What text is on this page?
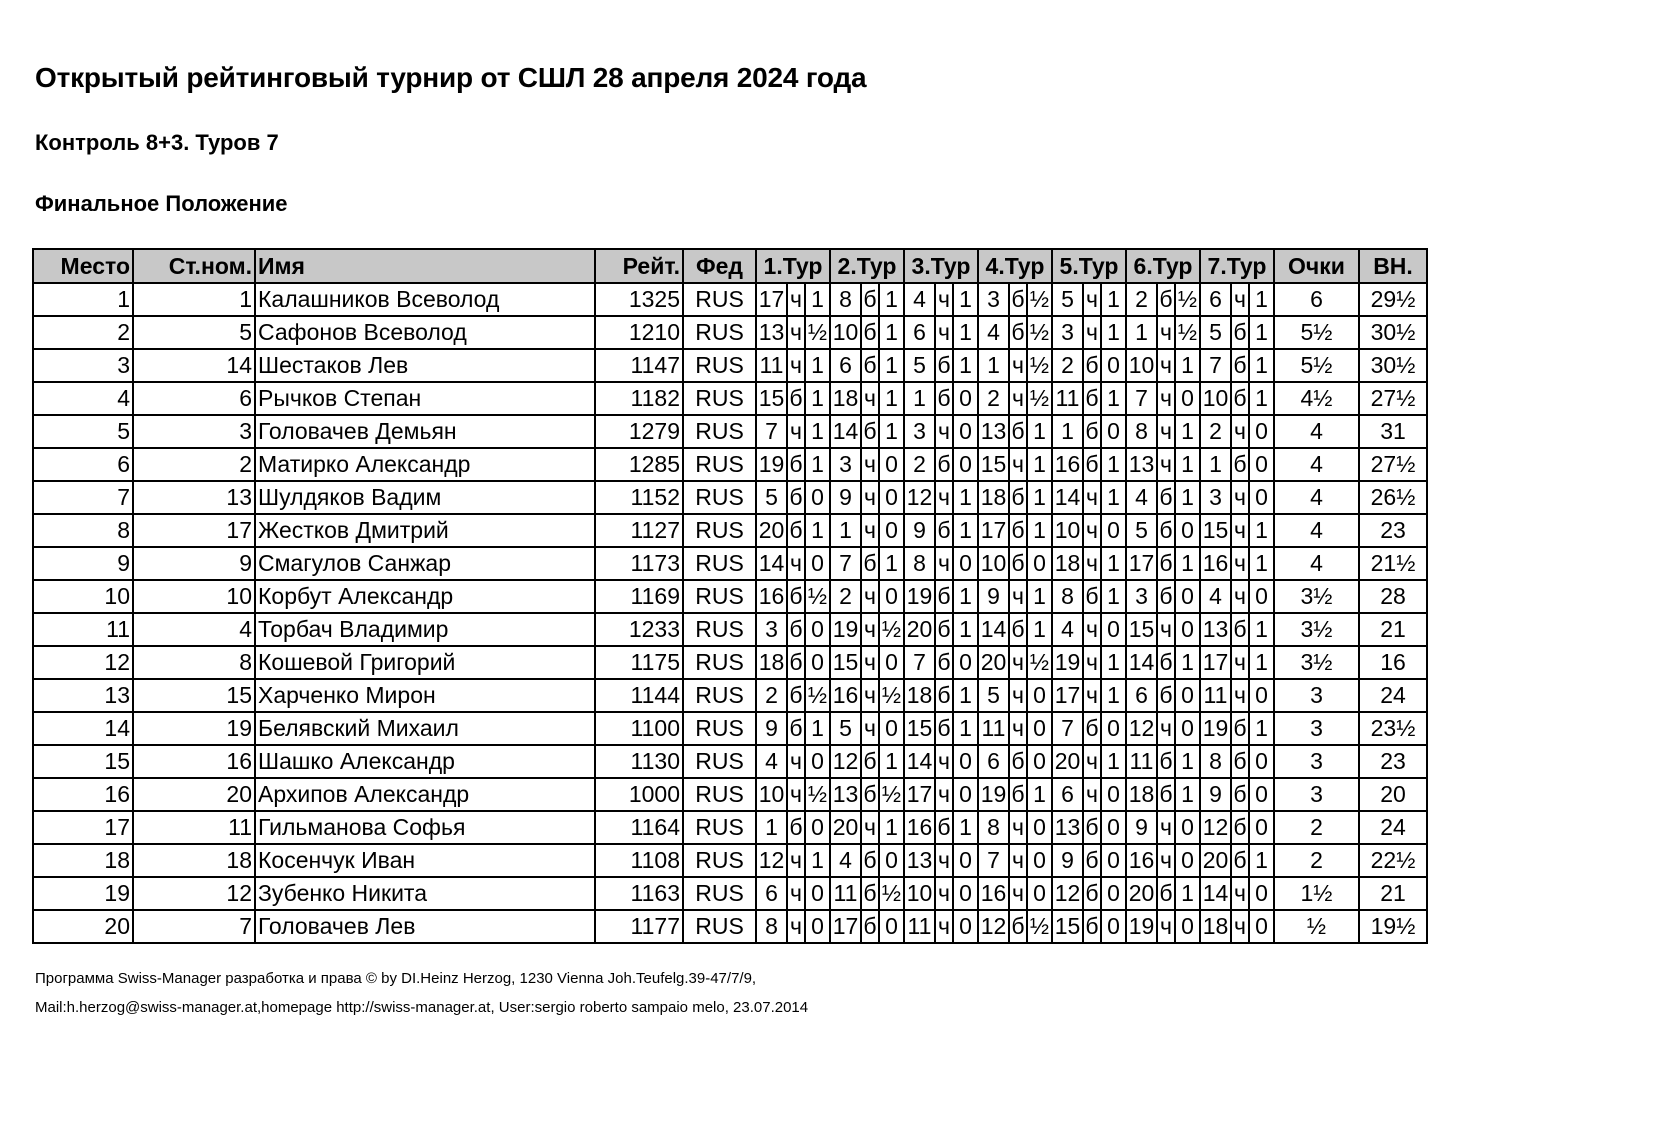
Открытый рейтинговый турнир от СШЛ 28 апреля 2024 года
Контроль 8+3. Туров 7
Финальное Положение
Место	Ст.ном.	Имя	Рейт.	Фед	1.Тур			2.Тур			3.Тур			4.Тур			5.Тур			6.Тур			7.Тур			Очки	ВН.
1	1	Калашников Всеволод	1325	RUS	17	ч	1	8	б	1	4	ч	1	3	б	½	5	ч	1	2	б	½	6	ч	1	6	29½
2	5	Сафонов Всеволод	1210	RUS	13	ч	½	10	б	1	6	ч	1	4	б	½	3	ч	1	1	ч	½	5	б	1	5½	30½
3	14	Шестаков Лев	1147	RUS	11	ч	1	6	б	1	5	б	1	1	ч	½	2	б	0	10	ч	1	7	б	1	5½	30½
4	6	Рычков Степан	1182	RUS	15	б	1	18	ч	1	1	б	0	2	ч	½	11	б	1	7	ч	0	10	б	1	4½	27½
5	3	Головачев Демьян	1279	RUS	7	ч	1	14	б	1	3	ч	0	13	б	1	1	б	0	8	ч	1	2	ч	0	4	31
6	2	Матирко Александр	1285	RUS	19	б	1	3	ч	0	2	б	0	15	ч	1	16	б	1	13	ч	1	1	б	0	4	27½
7	13	Шулдяков Вадим	1152	RUS	5	б	0	9	ч	0	12	ч	1	18	б	1	14	ч	1	4	б	1	3	ч	0	4	26½
8	17	Жестков Дмитрий	1127	RUS	20	б	1	1	ч	0	9	б	1	17	б	1	10	ч	0	5	б	0	15	ч	1	4	23
9	9	Смагулов Санжар	1173	RUS	14	ч	0	7	б	1	8	ч	0	10	б	0	18	ч	1	17	б	1	16	ч	1	4	21½
10	10	Корбут Александр	1169	RUS	16	б	½	2	ч	0	19	б	1	9	ч	1	8	б	1	3	б	0	4	ч	0	3½	28
11	4	Торбач Владимир	1233	RUS	3	б	0	19	ч	½	20	б	1	14	б	1	4	ч	0	15	ч	0	13	б	1	3½	21
12	8	Кошевой Григорий	1175	RUS	18	б	0	15	ч	0	7	б	0	20	ч	½	19	ч	1	14	б	1	17	ч	1	3½	16
13	15	Харченко Мирон	1144	RUS	2	б	½	16	ч	½	18	б	1	5	ч	0	17	ч	1	6	б	0	11	ч	0	3	24
14	19	Белявский Михаил	1100	RUS	9	б	1	5	ч	0	15	б	1	11	ч	0	7	б	0	12	ч	0	19	б	1	3	23½
15	16	Шашко Александр	1130	RUS	4	ч	0	12	б	1	14	ч	0	6	б	0	20	ч	1	11	б	1	8	б	0	3	23
16	20	Архипов Александр	1000	RUS	10	ч	½	13	б	½	17	ч	0	19	б	1	6	ч	0	18	б	1	9	б	0	3	20
17	11	Гильманова Софья	1164	RUS	1	б	0	20	ч	1	16	б	1	8	ч	0	13	б	0	9	ч	0	12	б	0	2	24
18	18	Косенчук Иван	1108	RUS	12	ч	1	4	б	0	13	ч	0	7	ч	0	9	б	0	16	ч	0	20	б	1	2	22½
19	12	Зубенко Никита	1163	RUS	6	ч	0	11	б	½	10	ч	0	16	ч	0	12	б	0	20	б	1	14	ч	0	1½	21
20	7	Головачев Лев	1177	RUS	8	ч	0	17	б	0	11	ч	0	12	б	½	15	б	0	19	ч	0	18	ч	0	½	19½
Программа Swiss-Manager разработка и права © by DI.Heinz Herzog, 1230 Vienna Joh.Teufelg.39-47/7/9,
Mail:h.herzog@swiss-manager.at,homepage http://swiss-manager.at, User:sergio roberto sampaio melo, 23.07.2014
